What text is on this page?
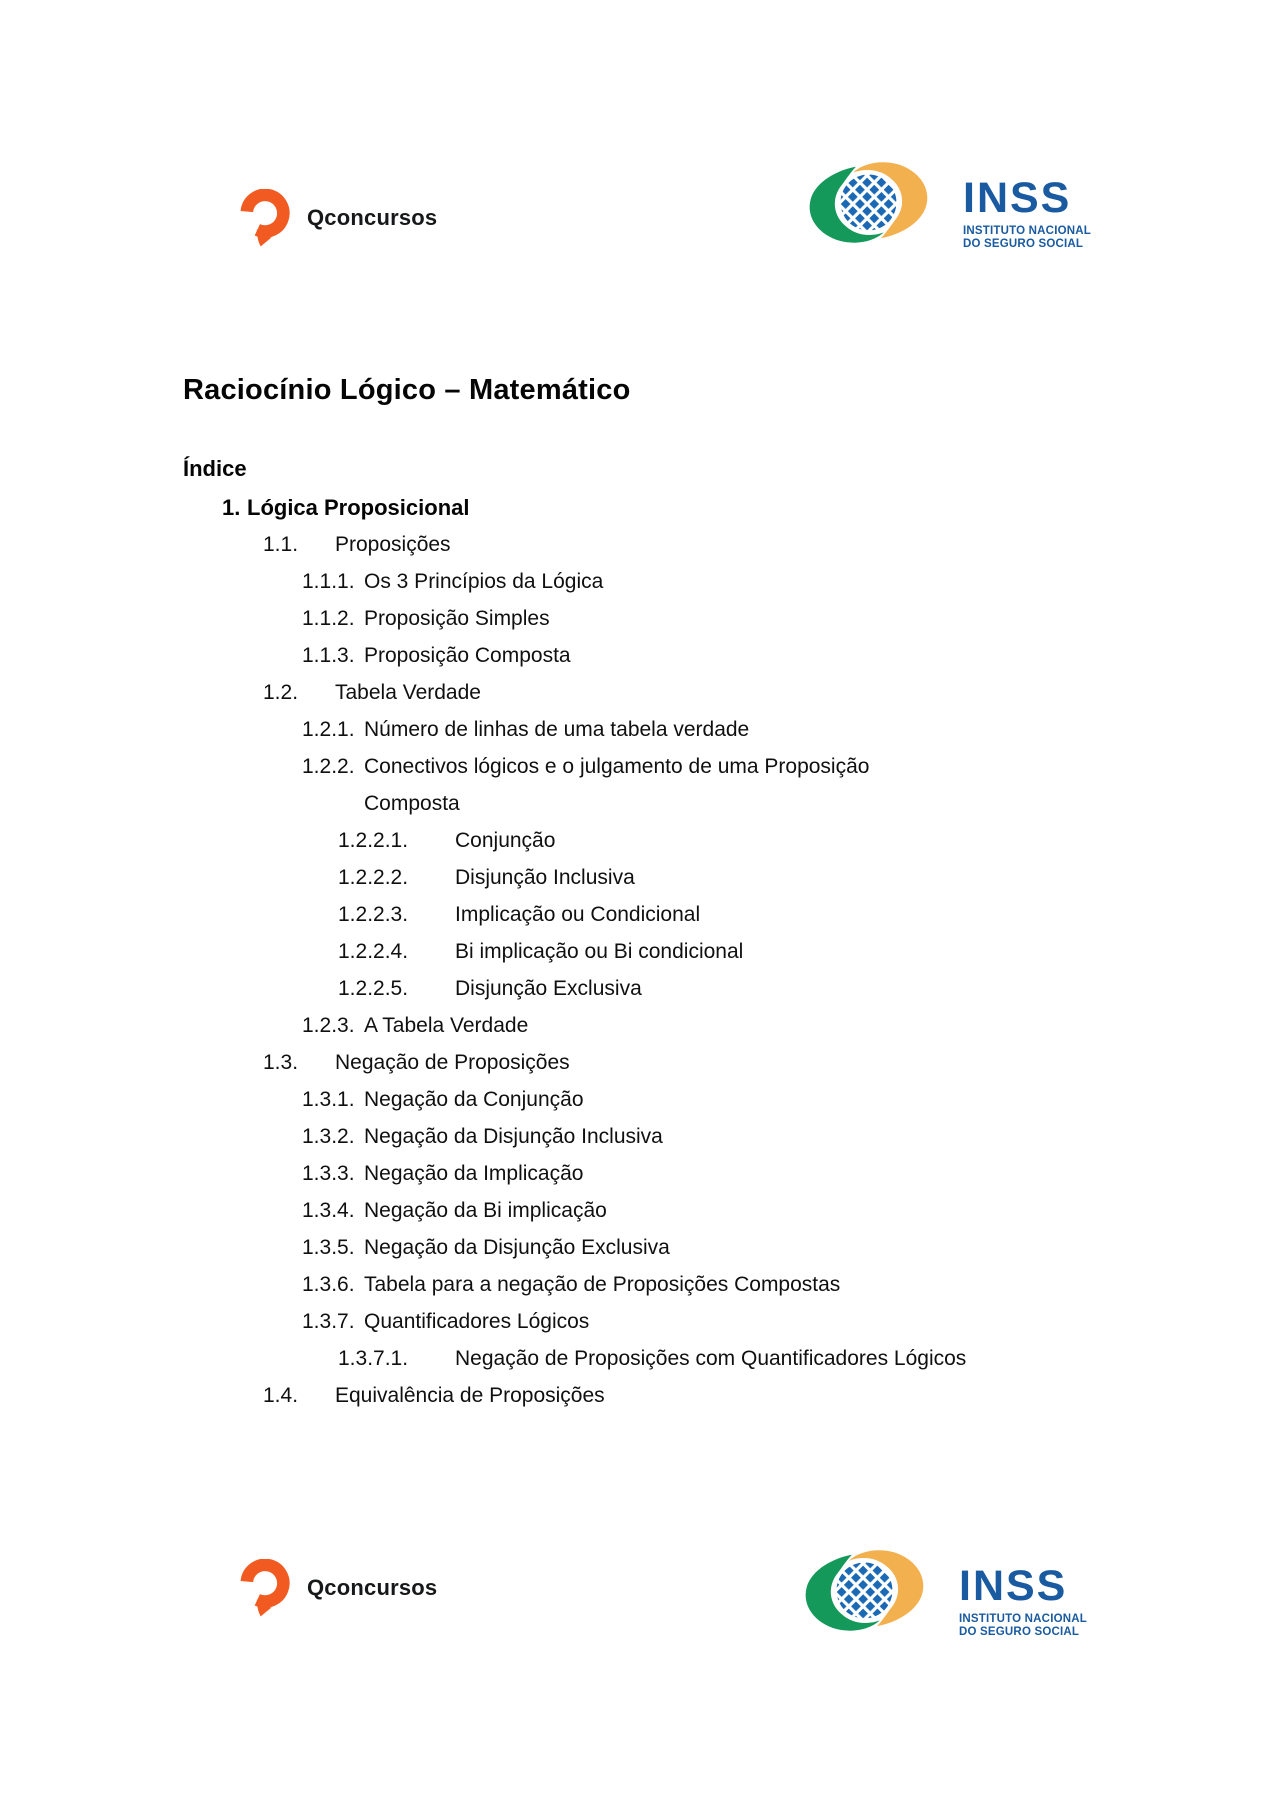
Qconcursos	INSS
INSTITUTO NACIONAL
DO SEGURO SOCIAL
Raciocínio Lógico – Matemático
Índice
1. Lógica Proposicional
1.1.	Proposições
1.1.1. Os 3 Princípios da Lógica
1.1.2. Proposição Simples
1.1.3. Proposição Composta
1.2.	Tabela Verdade
1.2.1. Número de linhas de uma tabela verdade
1.2.2. Conectivos lógicos e o julgamento de uma Proposição
Composta
1.2.2.1.	Conjunção
1.2.2.2.	Disjunção Inclusiva
1.2.2.3.	Implicação ou Condicional
1.2.2.4.	Bi implicação ou Bi condicional
1.2.2.5.	Disjunção Exclusiva
1.2.3. A Tabela Verdade
1.3.	Negação de Proposições
1.3.1. Negação da Conjunção
1.3.2. Negação da Disjunção Inclusiva
1.3.3. Negação da Implicação
1.3.4. Negação da Bi implicação
1.3.5. Negação da Disjunção Exclusiva
1.3.6. Tabela para a negação de Proposições Compostas
1.3.7. Quantificadores Lógicos
1.3.7.1.	Negação de Proposições com Quantificadores Lógicos
1.4.	Equivalência de Proposições
Qconcursos	INSS
INSTITUTO NACIONAL
DO SEGURO SOCIAL
